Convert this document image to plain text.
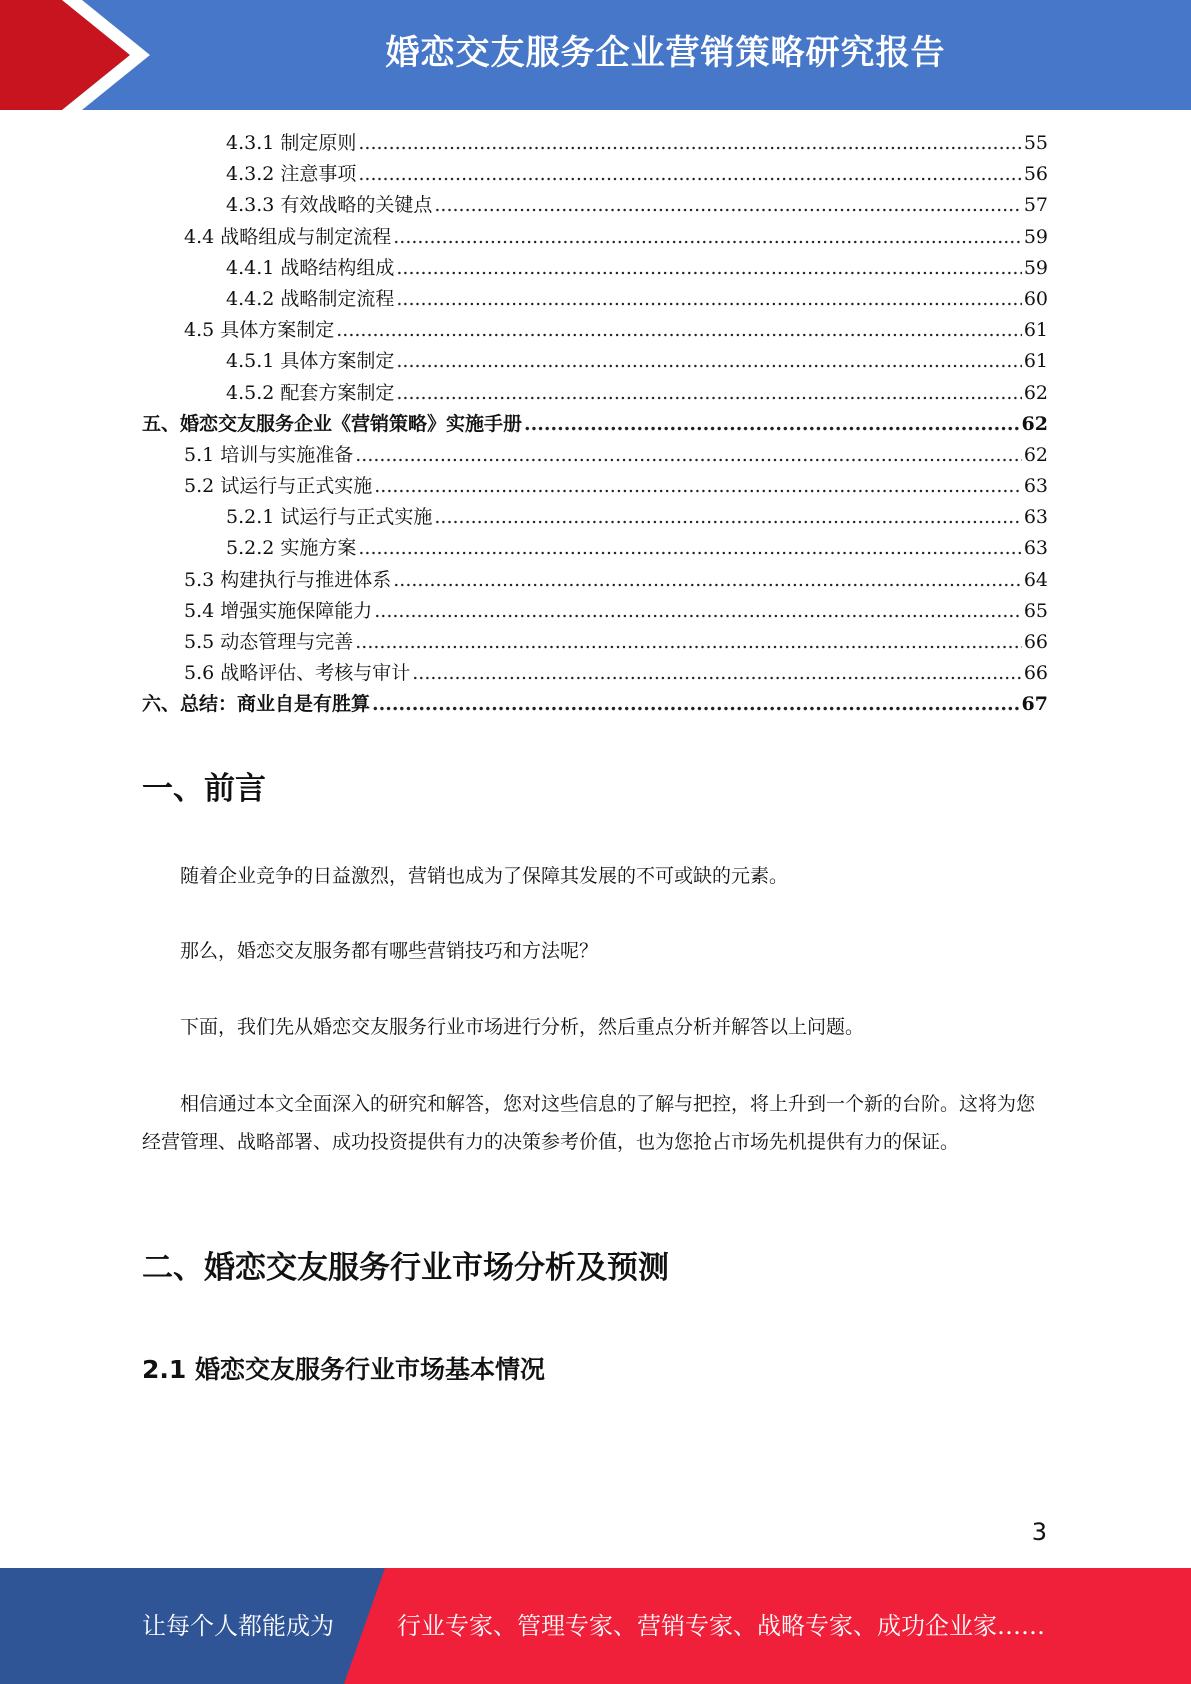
婚恋交友服务企业营销策略研究报告
4.3.1 制定原则 .....	55
4.3.2 注意事项 .....	56
4.3.3 有效战略的关键点 .....	57
4.4 战略组成与制定流程 .....	59
4.4.1 战略结构组成 .....	59
4.4.2 战略制定流程 .....	60
4.5 具体方案制定 .....	61
4.5.1 具体方案制定 .....	61
4.5.2 配套方案制定 .....	62
五、婚恋交友服务企业《营销策略》实施手册 .....	62
5.1 培训与实施准备 .....	62
5.2 试运行与正式实施 .....	63
5.2.1 试运行与正式实施 .....	63
5.2.2 实施方案 .....	63
5.3 构建执行与推进体系 .....	64
5.4 增强实施保障能力 .....	65
5.5 动态管理与完善 .....	66
5.6 战略评估、考核与审计 .....	66
六、总结：商业自是有胜算 .....	67
一、前言
随着企业竞争的日益激烈，营销也成为了保障其发展的不可或缺的元素。
那么，婚恋交友服务都有哪些营销技巧和方法呢？
下面，我们先从婚恋交友服务行业市场进行分析，然后重点分析并解答以上问题。
相信通过本文全面深入的研究和解答，您对这些信息的了解与把控，将上升到一个新的台阶。这将为您经营管理、战略部署、成功投资提供有力的决策参考价值，也为您抢占市场先机提供有力的保证。
二、婚恋交友服务行业市场分析及预测
2.1 婚恋交友服务行业市场基本情况
3
让每个人都能成为	行业专家、管理专家、营销专家、战略专家、成功企业家……
